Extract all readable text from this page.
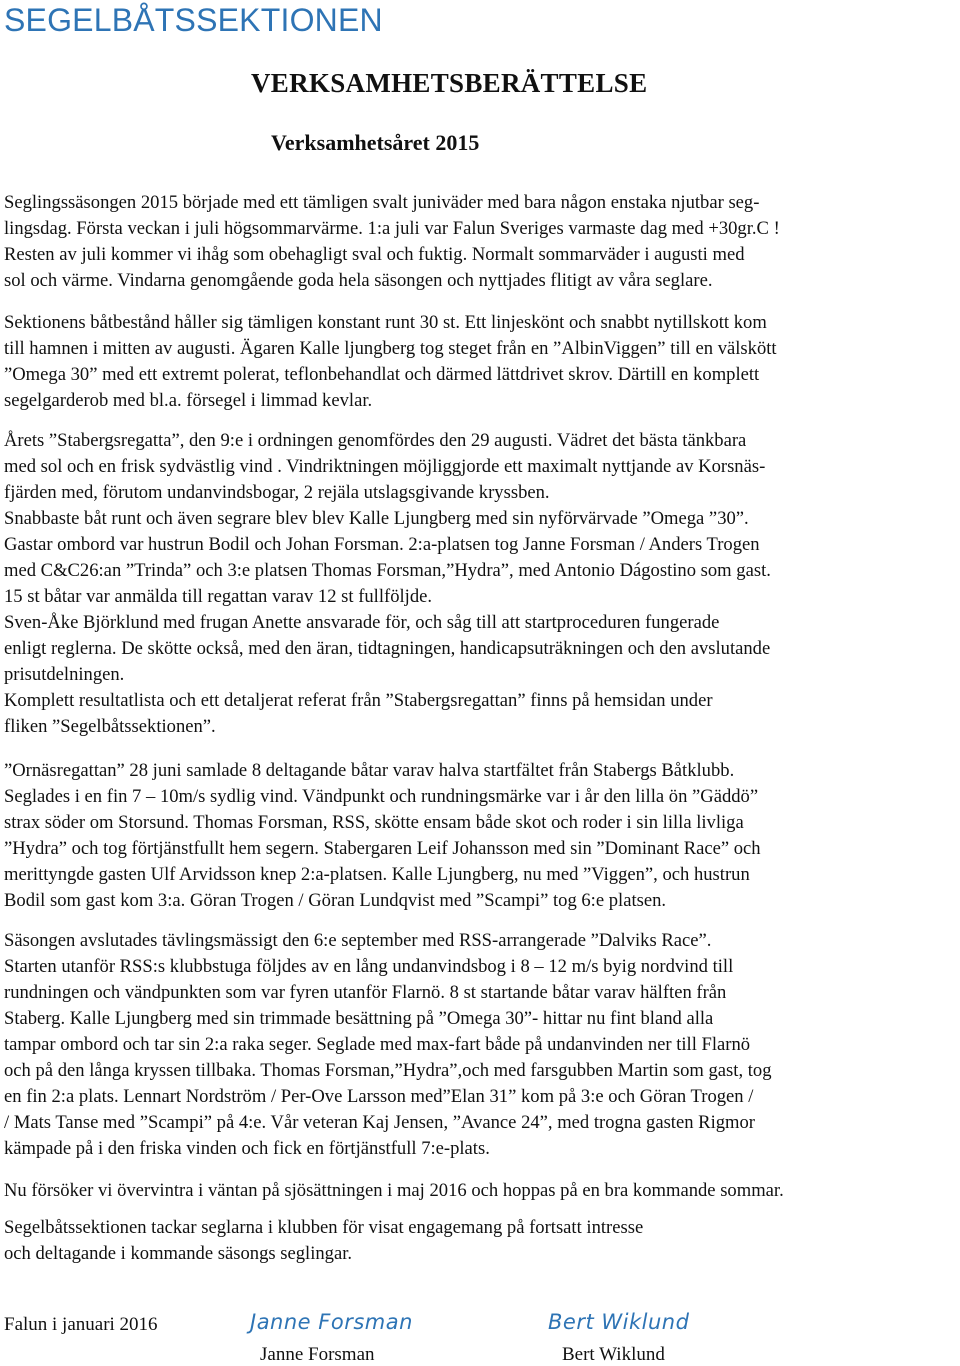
SEGELBÅTSSEKTIONEN
VERKSAMHETSBERÄTTELSE
Verksamhetsåret 2015

Seglingssäsongen 2015 började med ett tämligen svalt juniväder med bara någon enstaka njutbar seg-

lingsdag. Första veckan i juli högsommarvärme. 1:a juli var Falun Sveriges varmaste dag med +30gr.C !

Resten av juli kommer vi ihåg som obehagligt sval och fuktig. Normalt sommarväder i augusti med

sol och värme. Vindarna genomgående goda hela säsongen och nyttjades flitigt av våra seglare.

Sektionens båtbestånd håller sig tämligen konstant runt 30 st. Ett linjeskönt och snabbt nytillskott kom

till hamnen i mitten av augusti. Ägaren Kalle ljungberg tog steget från en ”AlbinViggen” till en välskött

”Omega 30” med ett extremt polerat, teflonbehandlat och därmed lättdrivet skrov. Därtill en komplett

segelgarderob med bl.a. försegel i limmad kevlar.

Årets ”Stabergsregatta”, den 9:e i ordningen genomfördes den 29 augusti. Vädret det bästa tänkbara

med sol och en frisk sydvästlig vind . Vindriktningen möjliggjorde ett maximalt nyttjande av Korsnäs-

fjärden med, förutom undanvindsbogar, 2 rejäla utslagsgivande kryssben.

Snabbaste båt runt och även segrare blev blev Kalle Ljungberg med sin nyförvärvade ”Omega ”30”.

Gastar ombord var hustrun Bodil och Johan Forsman. 2:a-platsen tog Janne Forsman / Anders Trogen

med C&C26:an ”Trinda” och 3:e platsen Thomas Forsman,”Hydra”, med Antonio Dágostino som gast.

15 st båtar var anmälda till regattan varav 12 st fullföljde.

Sven-Åke Björklund med frugan Anette ansvarade för, och såg till att startproceduren fungerade

enligt reglerna. De skötte också, med den äran, tidtagningen, handicapsuträkningen och den avslutande

prisutdelningen.

Komplett resultatlista och ett detaljerat referat från ”Stabergsregattan” finns på hemsidan under

fliken ”Segelbåtssektionen”.

”Ornäsregattan” 28 juni samlade 8 deltagande båtar varav halva startfältet från Stabergs Båtklubb.

Seglades i en fin 7 – 10m/s sydlig vind. Vändpunkt och rundningsmärke var i år den lilla ön ”Gäddö”

strax söder om Storsund. Thomas Forsman, RSS, skötte ensam både skot och roder i sin lilla livliga

”Hydra” och tog förtjänstfullt hem segern. Stabergaren Leif Johansson med sin ”Dominant Race” och

merittyngde gasten Ulf Arvidsson knep 2:a-platsen. Kalle Ljungberg, nu med ”Viggen”, och hustrun

Bodil som gast kom 3:a. Göran Trogen / Göran Lundqvist med ”Scampi” tog 6:e platsen.

Säsongen avslutades tävlingsmässigt den 6:e september med RSS-arrangerade ”Dalviks Race”.

Starten utanför RSS:s klubbstuga följdes av en lång undanvindsbog i 8 – 12 m/s byig nordvind till

rundningen och vändpunkten som var fyren utanför Flarnö. 8 st startande båtar varav hälften från

Staberg. Kalle Ljungberg med sin trimmade besättning på ”Omega 30”- hittar nu fint bland alla

tampar ombord och tar sin 2:a raka seger. Seglade med max-fart både på undanvinden ner till Flarnö

och på den långa kryssen tillbaka. Thomas Forsman,”Hydra”,och med farsgubben Martin som gast, tog

en fin 2:a plats. Lennart Nordström / Per-Ove Larsson med”Elan 31” kom på 3:e och Göran Trogen /

/ Mats Tanse med ”Scampi” på 4:e. Vår veteran Kaj Jensen, ”Avance 24”, med trogna gasten Rigmor

kämpade på i den friska vinden och fick en förtjänstfull 7:e-plats.

Nu försöker vi övervintra i väntan på sjösättningen i maj 2016 och hoppas på en bra kommande sommar.

Segelbåtssektionen tackar seglarna i klubben för visat engagemang på fortsatt intresse

och deltagande i kommande säsongs seglingar.

Falun i januari 2016	Janne Forsman
Janne Forsman
Bert Wiklund
Bert Wiklund
